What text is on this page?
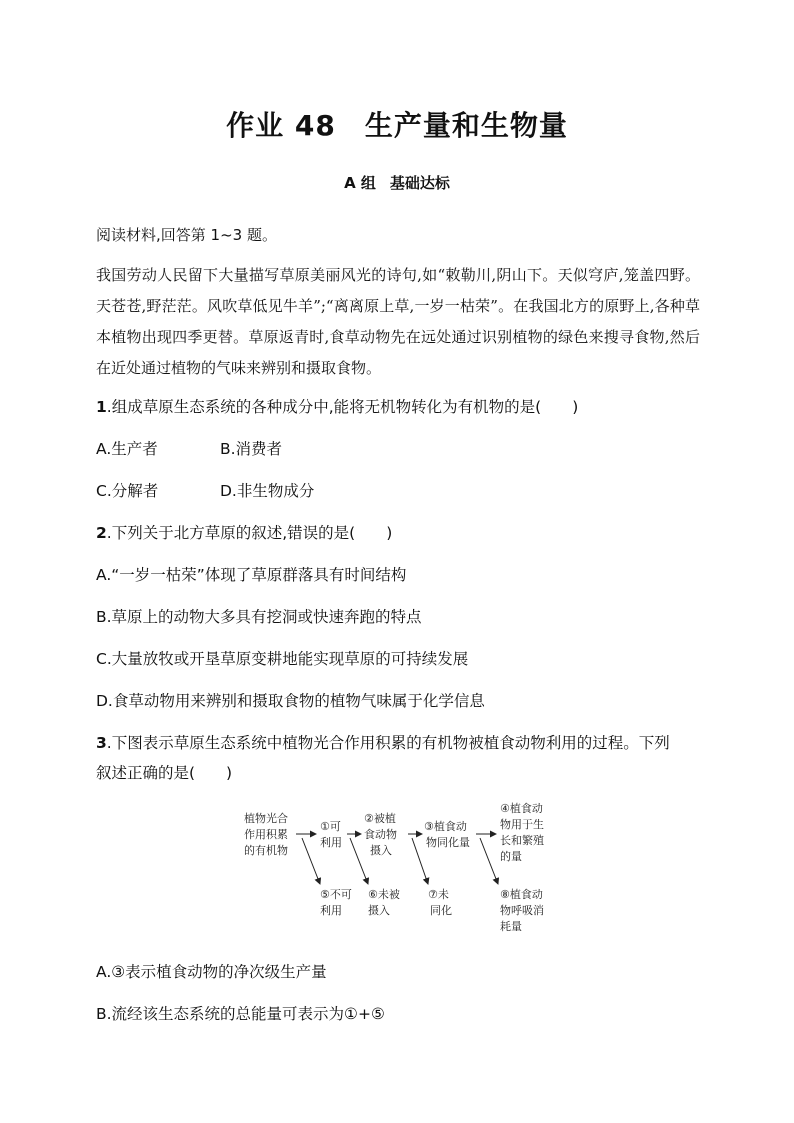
作业 48　生产量和生物量
A 组 基础达标
阅读材料,回答第 1~3 题。
我国劳动人民留下大量描写草原美丽风光的诗句,如“敕勒川,阴山下。天似穹庐,笼盖四野。天苍苍,野茫茫。风吹草低见牛羊”;“离离原上草,一岁一枯荣”。在我国北方的原野上,各种草本植物出现四季更替。草原返青时,食草动物先在远处通过识别植物的绿色来搜寻食物,然后在近处通过植物的气味来辨别和摄取食物。
1.组成草原生态系统的各种成分中,能将无机物转化为有机物的是(　　)
A.生产者	B.消费者
C.分解者	D.非生物成分
2.下列关于北方草原的叙述,错误的是(　　)
A.“一岁一枯荣”体现了草原群落具有时间结构
B.草原上的动物大多具有挖洞或快速奔跑的特点
C.大量放牧或开垦草原变耕地能实现草原的可持续发展
D.食草动物用来辨别和摄取食物的植物气味属于化学信息
3.下图表示草原生态系统中植物光合作用积累的有机物被植食动物利用的过程。下列
叙述正确的是(　　)
植物光合 作用积累 的有机物
①可 利用
②被植 食动物 摄入
③植食动 物同化量
④植食动 物用于生 长和繁殖 的量
⑤不可 利用
⑥未被 摄入
⑦未 同化
⑧植食动 物呼吸消 耗量
A.③表示植食动物的净次级生产量
B.流经该生态系统的总能量可表示为①+⑤
